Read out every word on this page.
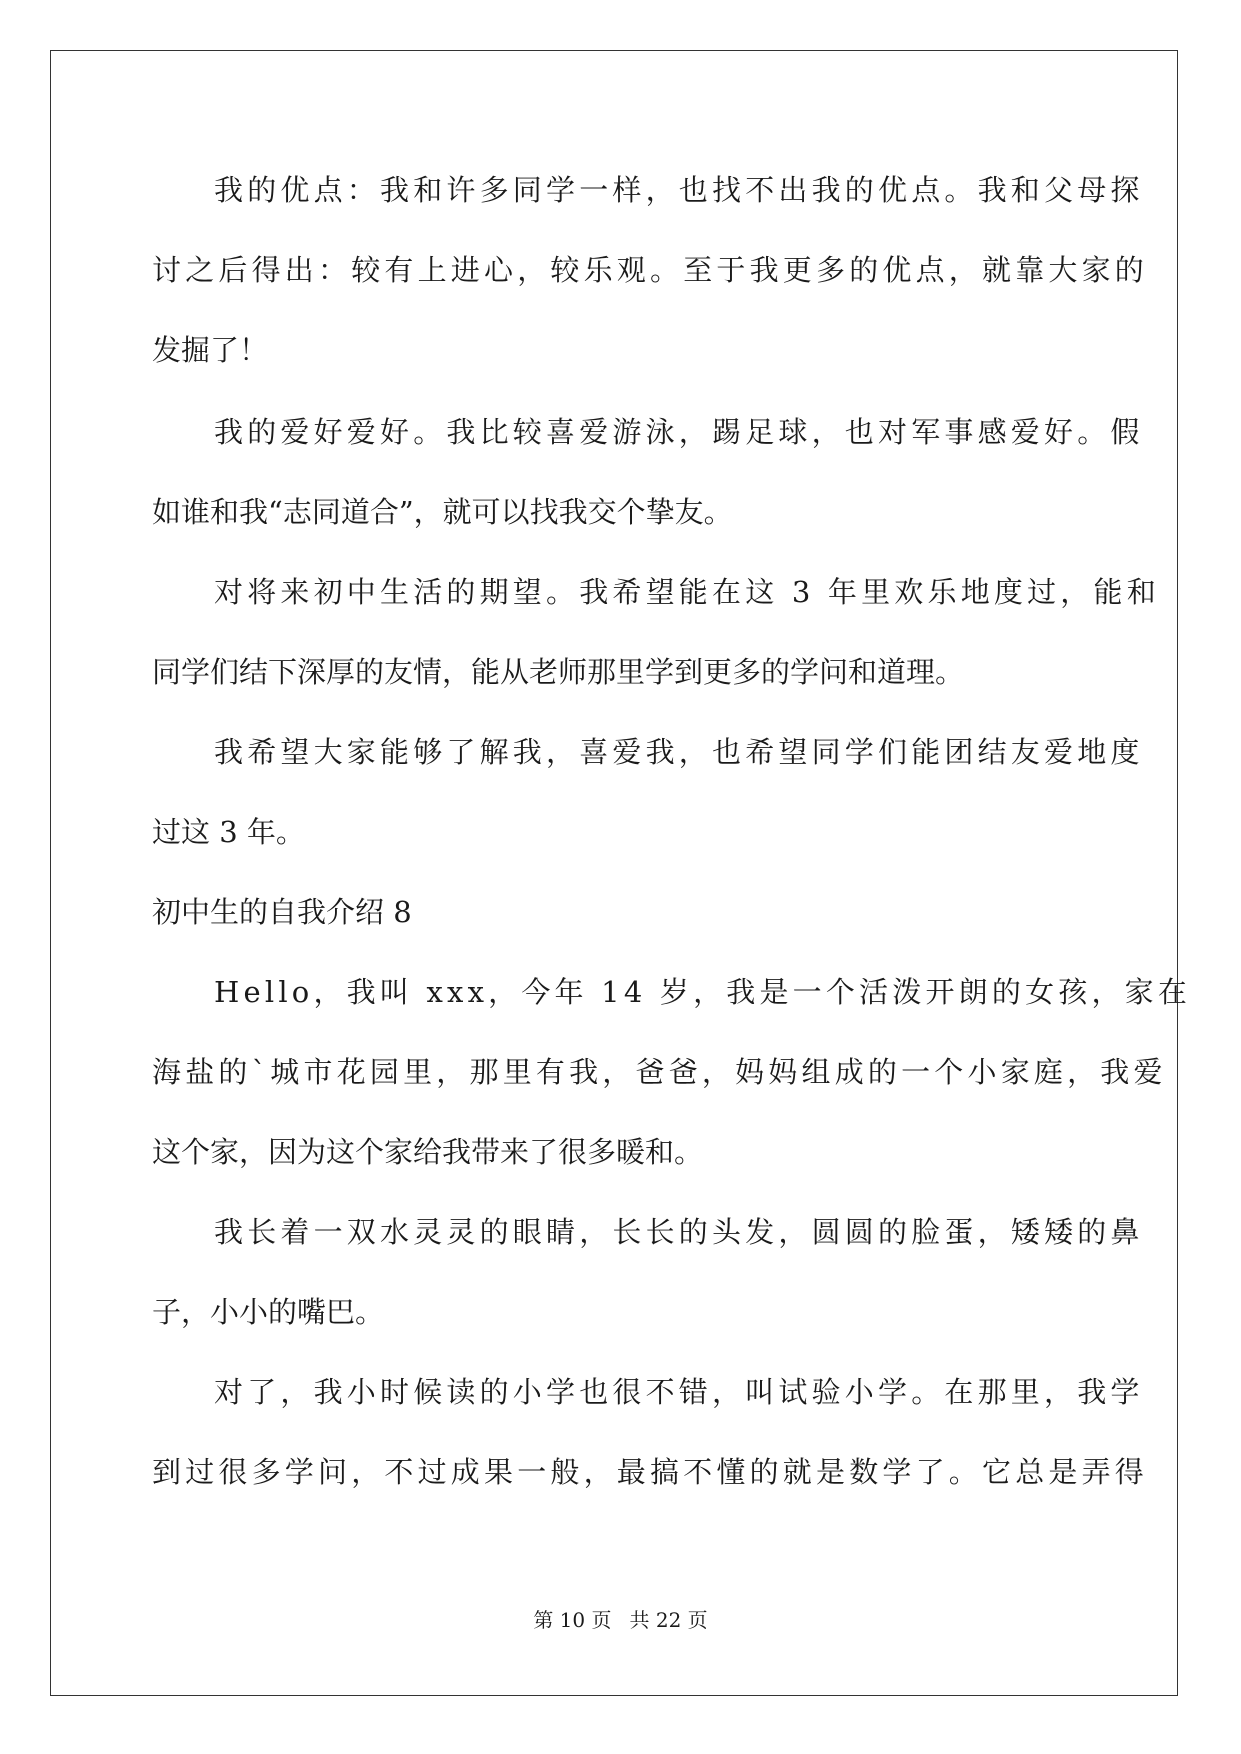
我的优点：我和许多同学一样，也找不出我的优点。我和父母探
讨之后得出：较有上进心，较乐观。至于我更多的优点，就靠大家的
发掘了！
我的爱好爱好。我比较喜爱游泳，踢足球，也对军事感爱好。假
如谁和我“志同道合”，就可以找我交个挚友。
对将来初中生活的期望。我希望能在这 3 年里欢乐地度过，能和
同学们结下深厚的友情，能从老师那里学到更多的学问和道理。
我希望大家能够了解我，喜爱我，也希望同学们能团结友爱地度
过这 3 年。
初中生的自我介绍 8
Hello，我叫 xxx，今年 14 岁，我是一个活泼开朗的女孩，家在
海盐的`城市花园里，那里有我，爸爸，妈妈组成的一个小家庭，我爱
这个家，因为这个家给我带来了很多暖和。
我长着一双水灵灵的眼睛，长长的头发，圆圆的脸蛋，矮矮的鼻
子，小小的嘴巴。
对了，我小时候读的小学也很不错，叫试验小学。在那里，我学
到过很多学问，不过成果一般，最搞不懂的就是数学了。它总是弄得
第 10 页 共 22 页
